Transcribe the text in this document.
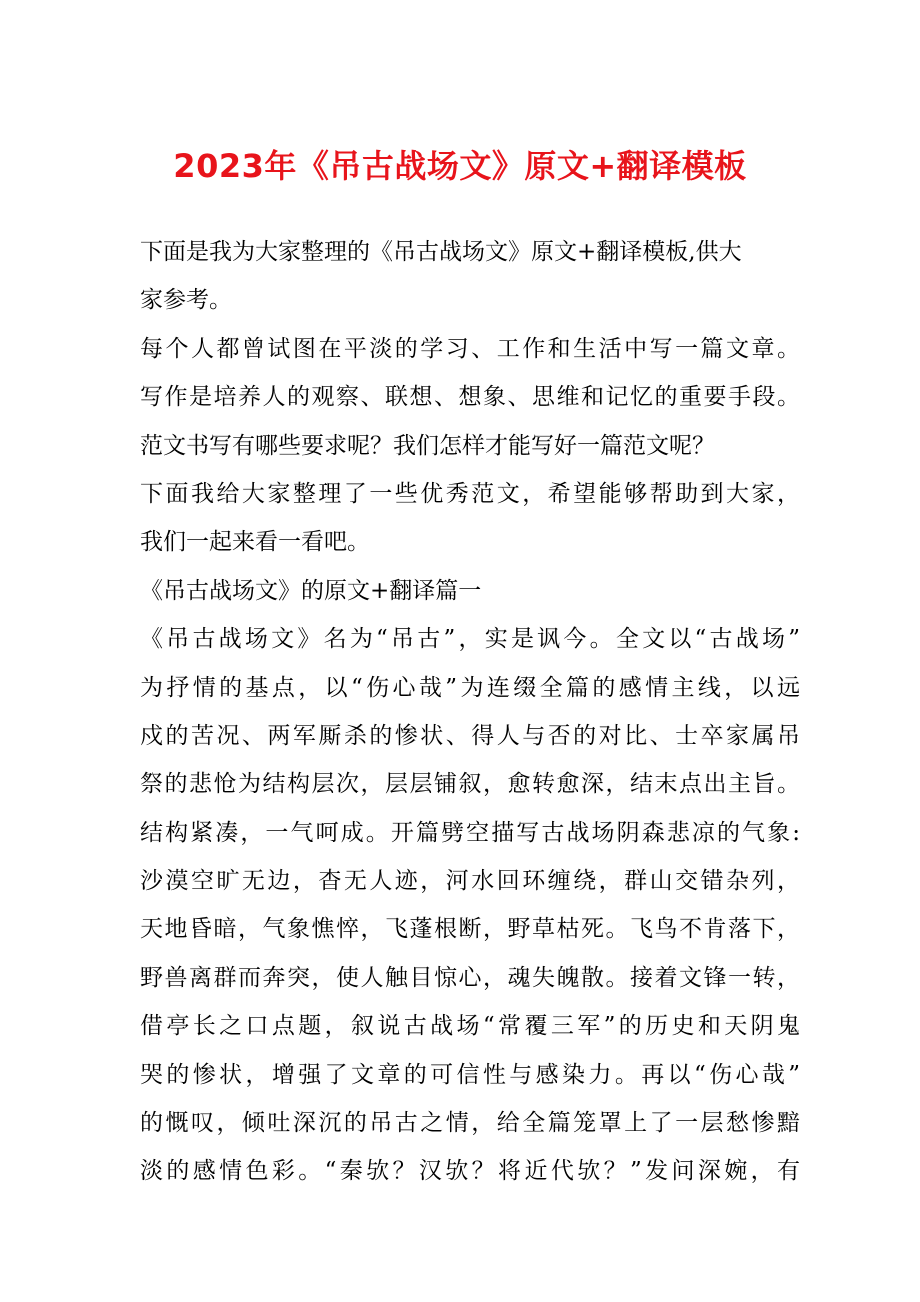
2023年《吊古战场文》原文+翻译模板
下面是我为大家整理的《吊古战场文》原文+翻译模板,供大
家参考。
每个人都曾试图在平淡的学习、工作和生活中写一篇文章。
写作是培养人的观察、联想、想象、思维和记忆的重要手段。
范文书写有哪些要求呢？我们怎样才能写好一篇范文呢？
下面我给大家整理了一些优秀范文，希望能够帮助到大家，
我们一起来看一看吧。
《吊古战场文》的原文+翻译篇一
《吊古战场文》名为“吊古”，实是讽今。全文以“古战场”
为抒情的基点，以“伤心哉”为连缀全篇的感情主线，以远
戍的苦况、两军厮杀的惨状、得人与否的对比、士卒家属吊
祭的悲怆为结构层次，层层铺叙，愈转愈深，结末点出主旨。
结构紧凑，一气呵成。开篇劈空描写古战场阴森悲凉的气象:
沙漠空旷无边，杳无人迹，河水回环缠绕，群山交错杂列，
天地昏暗，气象憔悴，飞蓬根断，野草枯死。飞鸟不肯落下，
野兽离群而奔突，使人触目惊心，魂失魄散。接着文锋一转，
借亭长之口点题，叙说古战场“常覆三军”的历史和天阴鬼
哭的惨状，增强了文章的可信性与感染力。再以“伤心哉”
的慨叹，倾吐深沉的吊古之情，给全篇笼罩上了一层愁惨黯
淡的感情色彩。“秦欤？汉欤？将近代欤？”发问深婉，有
